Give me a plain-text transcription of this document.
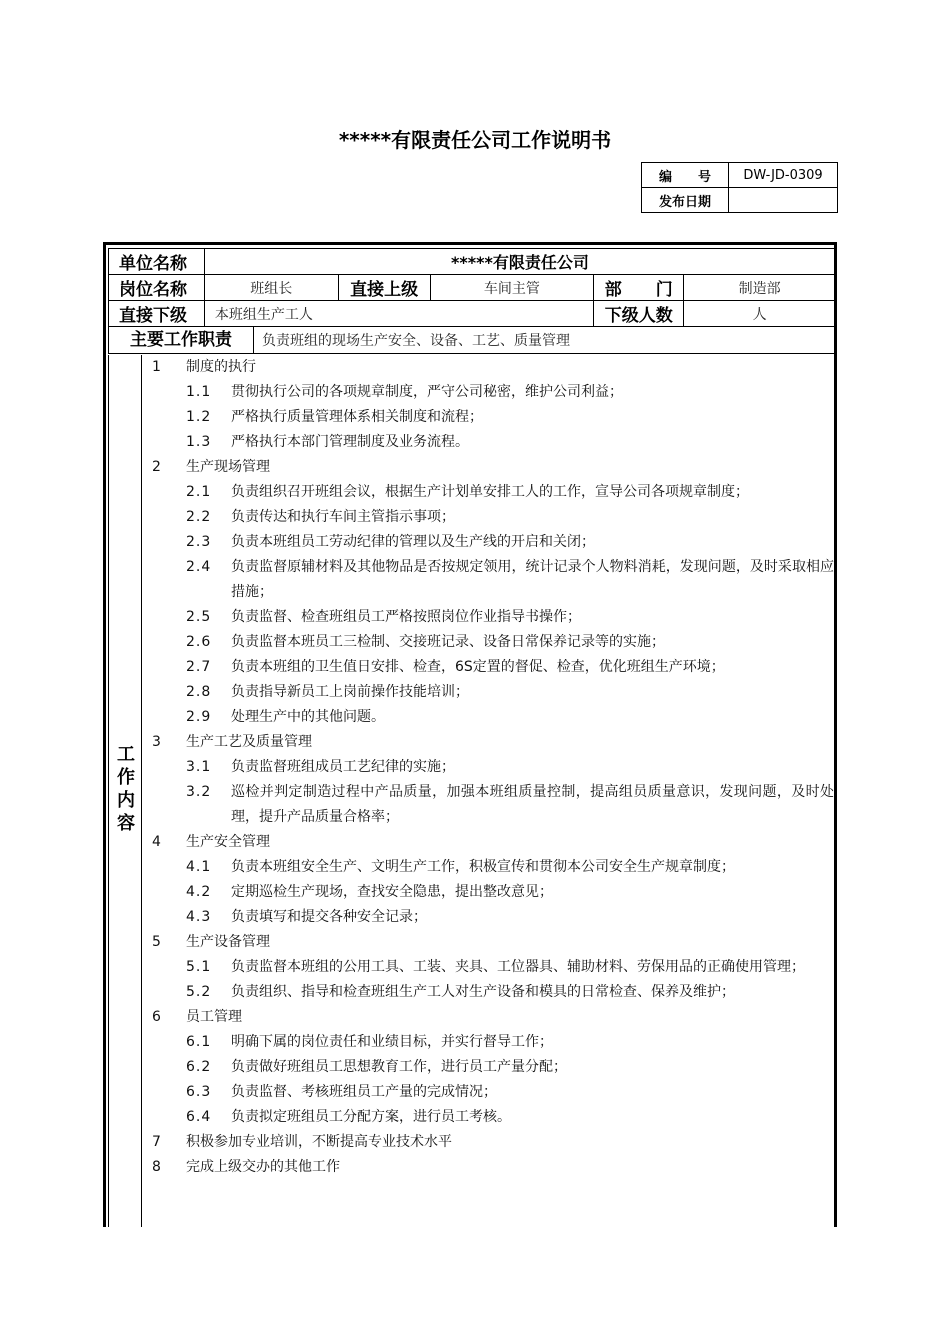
*****有限责任公司工作说明书
编　　号	DW-JD-0309
发布日期	
单位名称	*****有限责任公司				
岗位名称	班组长	直接上级	车间主管	部　　门	制造部
直接下级	本班组生产工人			下级人数	人
主要工作职责 负责班组的现场生产安全、设备、工艺、质量管理					
工作内容
1	制度的执行
1.1	贯彻执行公司的各项规章制度，严守公司秘密，维护公司利益；
1.2	严格执行质量管理体系相关制度和流程；
1.3	严格执行本部门管理制度及业务流程。
2	生产现场管理
2.1	负责组织召开班组会议，根据生产计划单安排工人的工作，宣导公司各项规章制度；
2.2	负责传达和执行车间主管指示事项；
2.3	负责本班组员工劳动纪律的管理以及生产线的开启和关闭；
2.4	负责监督原辅材料及其他物品是否按规定领用，统计记录个人物料消耗，发现问题，及时采取相应措施；
2.5	负责监督、检查班组员工严格按照岗位作业指导书操作；
2.6	负责监督本班员工三检制、交接班记录、设备日常保养记录等的实施；
2.7	负责本班组的卫生值日安排、检查，6S定置的督促、检查，优化班组生产环境；
2.8	负责指导新员工上岗前操作技能培训；
2.9	处理生产中的其他问题。
3	生产工艺及质量管理
3.1	负责监督班组成员工艺纪律的实施；
3.2	巡检并判定制造过程中产品质量，加强本班组质量控制，提高组员质量意识，发现问题，及时处理，提升产品质量合格率；
4	生产安全管理
4.1	负责本班组安全生产、文明生产工作，积极宣传和贯彻本公司安全生产规章制度；
4.2	定期巡检生产现场，查找安全隐患，提出整改意见；
4.3	负责填写和提交各种安全记录；
5	生产设备管理
5.1	负责监督本班组的公用工具、工装、夹具、工位器具、辅助材料、劳保用品的正确使用管理；
5.2	负责组织、指导和检查班组生产工人对生产设备和模具的日常检查、保养及维护；
6	员工管理
6.1	明确下属的岗位责任和业绩目标，并实行督导工作；
6.2	负责做好班组员工思想教育工作，进行员工产量分配；
6.3	负责监督、考核班组员工产量的完成情况；
6.4	负责拟定班组员工分配方案，进行员工考核。
7	积极参加专业培训，不断提高专业技术水平
8	完成上级交办的其他工作
